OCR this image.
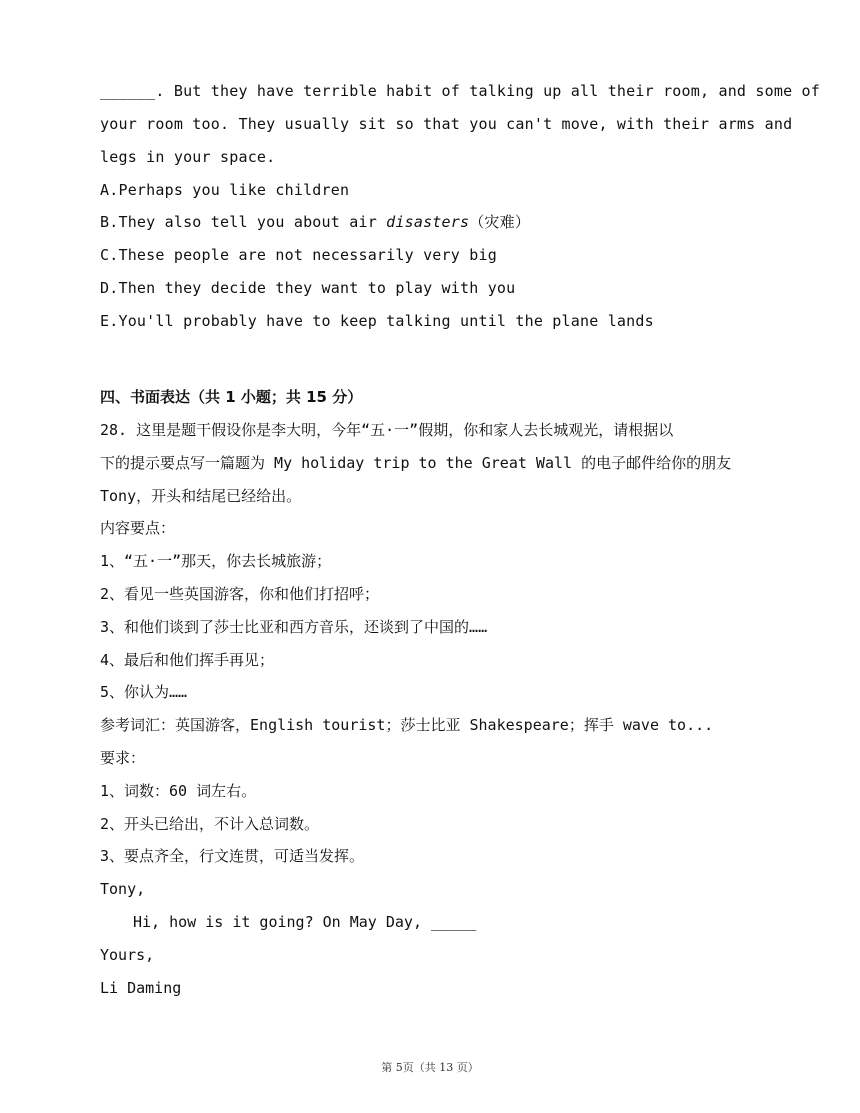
______. But they have terrible habit of talking up all their room, and some of
your room too. They usually sit so that you can't move, with their arms and
legs in your space.
A.Perhaps you like children
B.They also tell you about air disasters（灾难）
C.These people are not necessarily very big
D.Then they decide they want to play with you
E.You'll probably have to keep talking until the plane lands
四、书面表达（共 1 小题；共 15 分）
28. 这里是题干假设你是李大明，今年“五·一”假期，你和家人去长城观光，请根据以
下的提示要点写一篇题为 My holiday trip to the Great Wall 的电子邮件给你的朋友
Tony，开头和结尾已经给出。
内容要点：
1、“五·一”那天，你去长城旅游；
2、看见一些英国游客，你和他们打招呼；
3、和他们谈到了莎士比亚和西方音乐，还谈到了中国的……
4、最后和他们挥手再见；
5、你认为……
参考词汇：英国游客，English tourist；莎士比亚 Shakespeare；挥手 wave to...
要求：
1、词数：60 词左右。
2、开头已给出，不计入总词数。
3、要点齐全，行文连贯，可适当发挥。
Tony,
Hi, how is it going? On May Day, _____
Yours,
Li Daming
第 5页（共 13 页）
